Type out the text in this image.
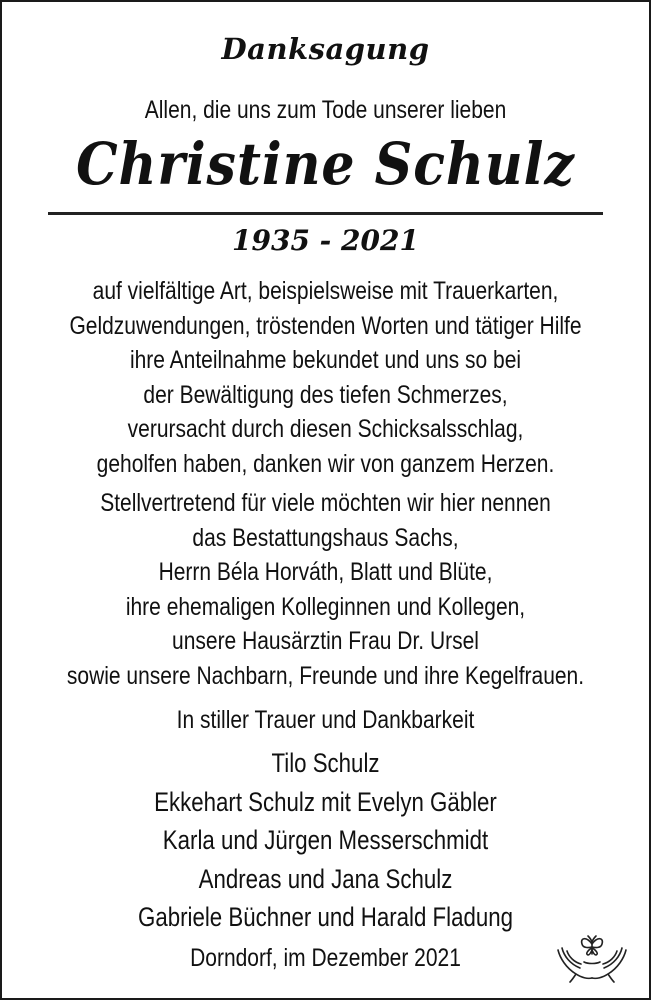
Danksagung
Allen, die uns zum Tode unserer lieben
Christine Schulz
1935 - 2021
auf vielfältige Art, beispielsweise mit Trauerkarten,
Geldzuwendungen, tröstenden Worten und tätiger Hilfe
ihre Anteilnahme bekundet und uns so bei
der Bewältigung des tiefen Schmerzes,
verursacht durch diesen Schicksalsschlag,
geholfen haben, danken wir von ganzem Herzen.
Stellvertretend für viele möchten wir hier nennen
das Bestattungshaus Sachs,
Herrn Béla Horváth, Blatt und Blüte,
ihre ehemaligen Kolleginnen und Kollegen,
unsere Hausärztin Frau Dr. Ursel
sowie unsere Nachbarn, Freunde und ihre Kegelfrauen.
In stiller Trauer und Dankbarkeit
Tilo Schulz
Ekkehart Schulz mit Evelyn Gäbler
Karla und Jürgen Messerschmidt
Andreas und Jana Schulz
Gabriele Büchner und Harald Fladung
Dorndorf, im Dezember 2021
